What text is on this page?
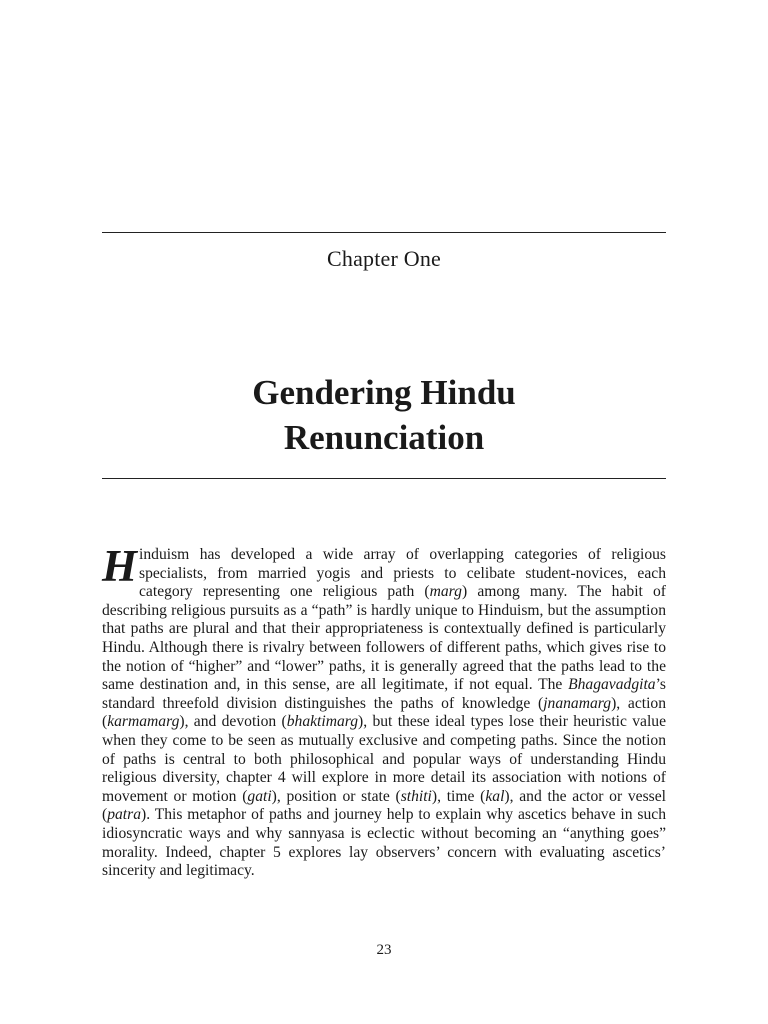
Chapter One
Gendering Hindu
Renunciation

Hinduism has developed a wide array of overlapping categories of religious specialists, from married yogis and priests to celibate student-novices, each category representing one religious path (marg) among many. The habit of describing religious pursuits as a “path” is hardly unique to Hinduism, but the assumption that paths are plural and that their appropriateness is contextually defined is particularly Hindu. Although there is rivalry between followers of different paths, which gives rise to the notion of “higher” and “lower” paths, it is generally agreed that the paths lead to the same destination and, in this sense, are all legitimate, if not equal. The Bhagavadgita’s standard threefold division distinguishes the paths of knowledge (jnanamarg), action (karmamarg), and devotion (bhaktimarg), but these ideal types lose their heuristic value when they come to be seen as mutually exclusive and competing paths. Since the notion of paths is central to both philosophical and popular ways of understanding Hindu religious diversity, chapter 4 will explore in more detail its association with notions of movement or motion (gati), position or state (sthiti), time (kal), and the actor or vessel (patra). This metaphor of paths and journey help to explain why ascetics behave in such idiosyncratic ways and why sannyasa is eclectic without becoming an “anything goes” morality. Indeed, chapter 5 explores lay observers’ concern with evaluating ascetics’ sincerity and legitimacy.

23
